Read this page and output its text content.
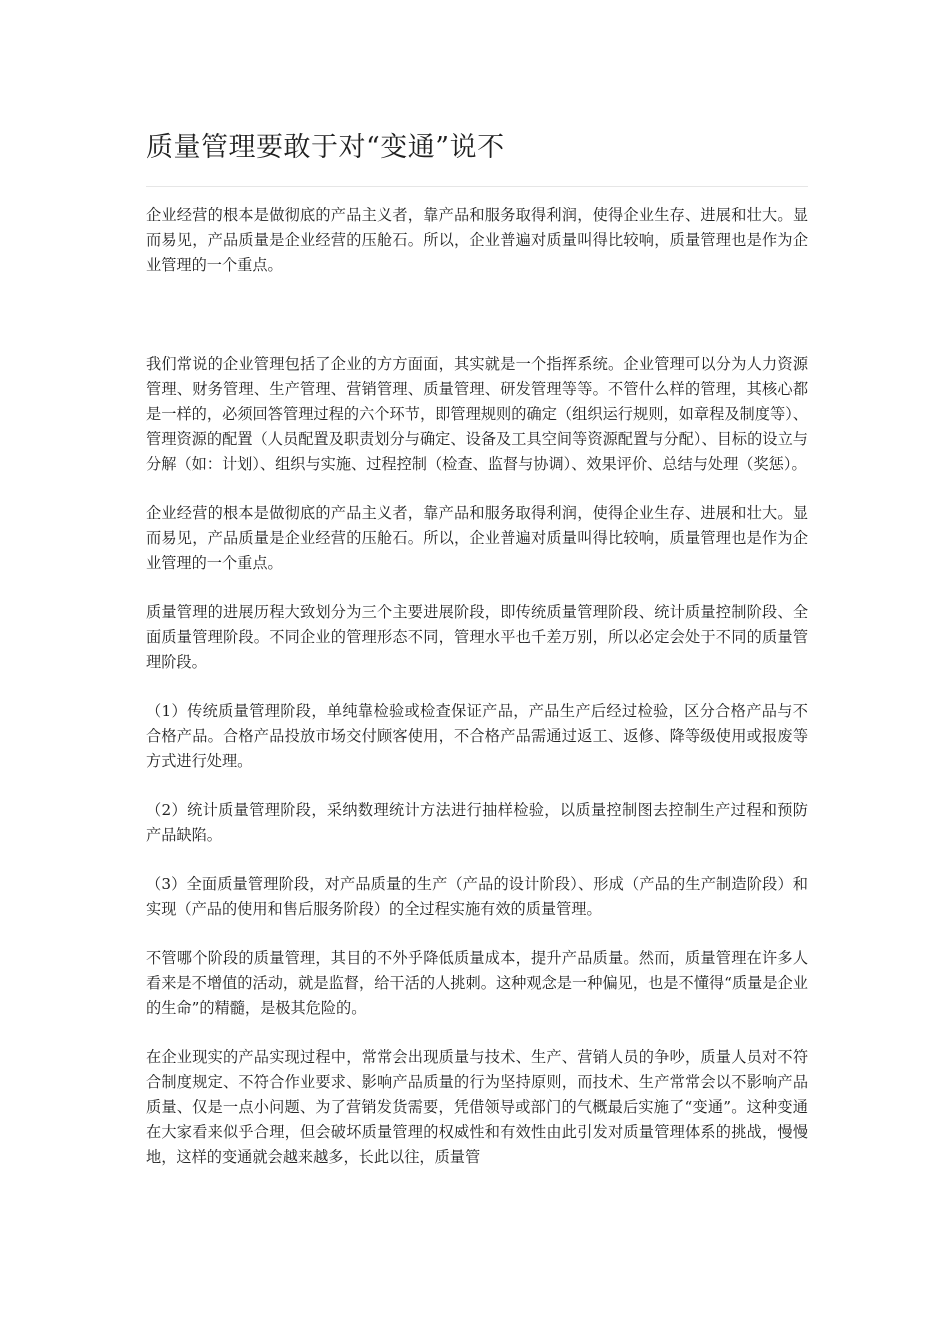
质量管理要敢于对“变通”说不

企业经营的根本是做彻底的产品主义者，靠产品和服务取得利润，使得企业生存、进展和壮大。显而易见，产品质量是企业经营的压舱石。所以，企业普遍对质量叫得比较响，质量管理也是作为企业管理的一个重点。

我们常说的企业管理包括了企业的方方面面，其实就是一个指挥系统。企业管理可以分为人力资源管理、财务管理、生产管理、营销管理、质量管理、研发管理等等。不管什么样的管理，其核心都是一样的，必须回答管理过程的六个环节，即管理规则的确定（组织运行规则，如章程及制度等）、管理资源的配置（人员配置及职责划分与确定、设备及工具空间等资源配置与分配）、目标的设立与分解（如：计划）、组织与实施、过程控制（检查、监督与协调）、效果评价、总结与处理（奖惩）。

企业经营的根本是做彻底的产品主义者，靠产品和服务取得利润，使得企业生存、进展和壮大。显而易见，产品质量是企业经营的压舱石。所以，企业普遍对质量叫得比较响，质量管理也是作为企业管理的一个重点。

质量管理的进展历程大致划分为三个主要进展阶段，即传统质量管理阶段、统计质量控制阶段、全面质量管理阶段。不同企业的管理形态不同，管理水平也千差万别，所以必定会处于不同的质量管理阶段。

（1）传统质量管理阶段，单纯靠检验或检查保证产品，产品生产后经过检验，区分合格产品与不合格产品。合格产品投放市场交付顾客使用，不合格产品需通过返工、返修、降等级使用或报废等方式进行处理。

（2）统计质量管理阶段，采纳数理统计方法进行抽样检验，以质量控制图去控制生产过程和预防产品缺陷。

（3）全面质量管理阶段，对产品质量的生产（产品的设计阶段）、形成（产品的生产制造阶段）和实现（产品的使用和售后服务阶段）的全过程实施有效的质量管理。

不管哪个阶段的质量管理，其目的不外乎降低质量成本，提升产品质量。然而，质量管理在许多人看来是不增值的活动，就是监督，给干活的人挑刺。这种观念是一种偏见，也是不懂得“质量是企业的生命”的精髓，是极其危险的。

在企业现实的产品实现过程中，常常会出现质量与技术、生产、营销人员的争吵，质量人员对不符合制度规定、不符合作业要求、影响产品质量的行为坚持原则，而技术、生产常常会以不影响产品质量、仅是一点小问题、为了营销发货需要，凭借领导或部门的气概最后实施了“变通”。这种变通在大家看来似乎合理，但会破坏质量管理的权威性和有效性由此引发对质量管理体系的挑战，慢慢地，这样的变通就会越来越多，长此以往，质量管
